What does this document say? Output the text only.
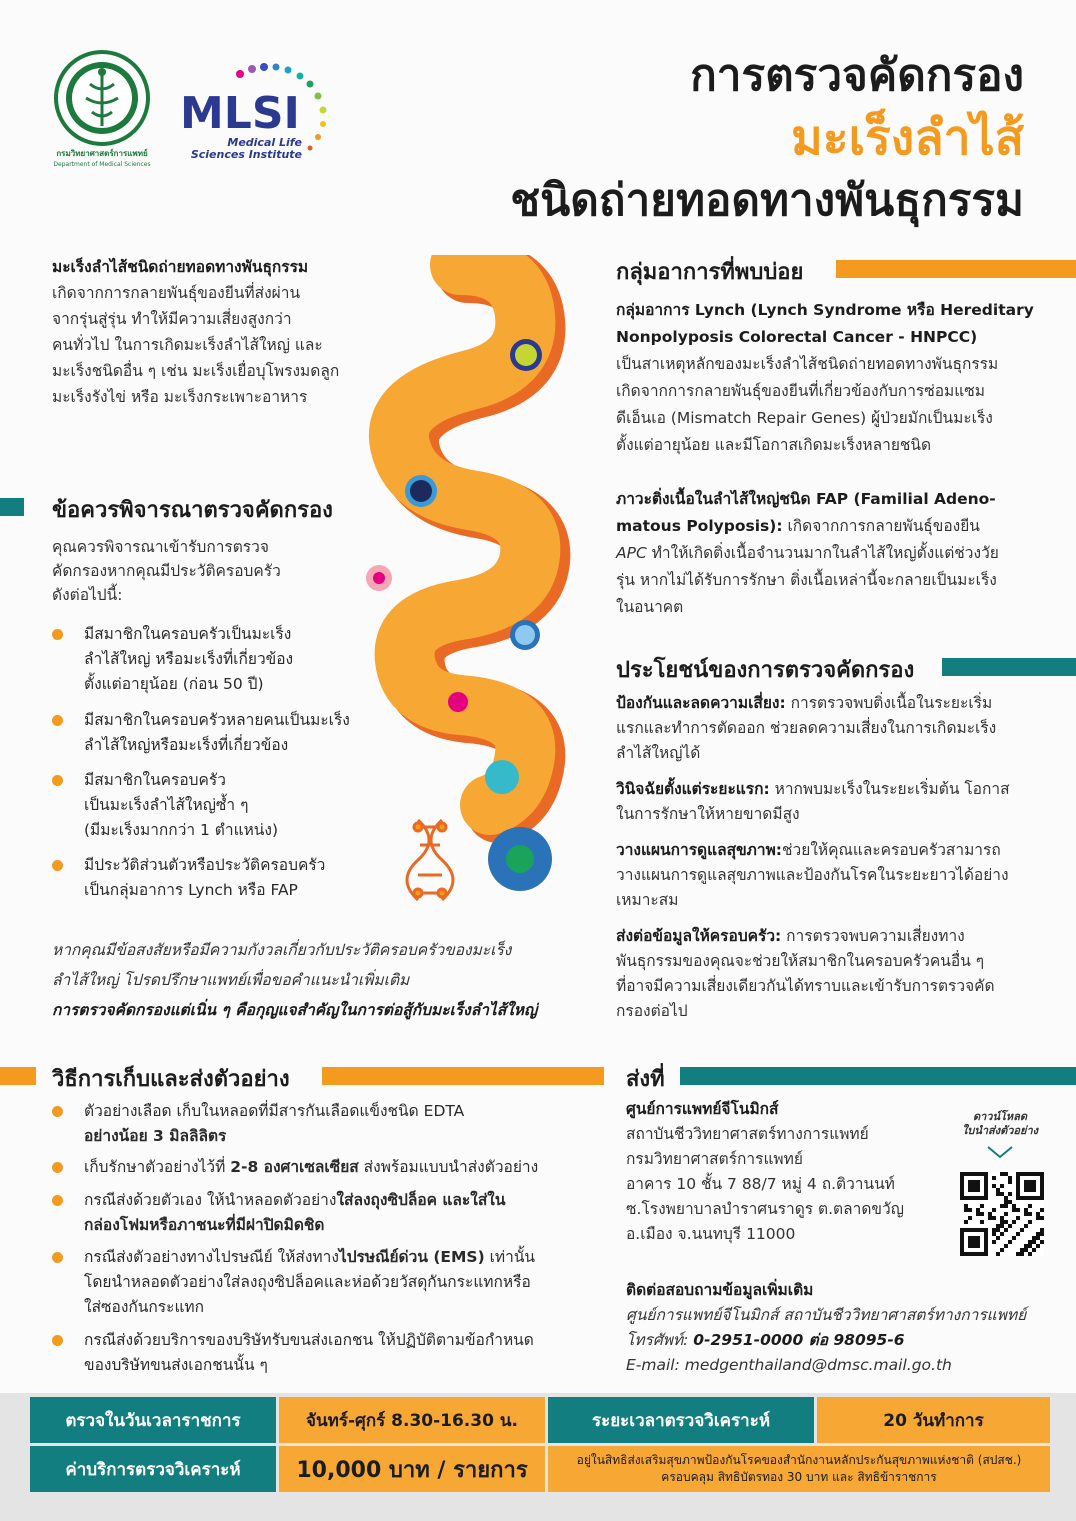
กรมวิทยาศาสตร์การแพทย์
Department of Medical Sciences
MLSI
Medical Life
Sciences Institute
การตรวจคัดกรอง
มะเร็งลำไส้
ชนิดถ่ายทอดทางพันธุกรรม
มะเร็งลำไส้ชนิดถ่ายทอดทางพันธุกรรม
เกิดจากการกลายพันธุ์ของยีนที่ส่งผ่าน
จากรุ่นสู่รุ่น ทำให้มีความเสี่ยงสูงกว่า
คนทั่วไป ในการเกิดมะเร็งลำไส้ใหญ่ และ
มะเร็งชนิดอื่น ๆ เช่น มะเร็งเยื่อบุโพรงมดลูก
มะเร็งรังไข่ หรือ มะเร็งกระเพาะอาหาร
ข้อควรพิจารณาตรวจคัดกรอง
คุณควรพิจารณาเข้ารับการตรวจ
คัดกรองหากคุณมีประวัติครอบครัว
ดังต่อไปนี้:
มีสมาชิกในครอบครัวเป็นมะเร็ง
ลำไส้ใหญ่ หรือมะเร็งที่เกี่ยวข้อง
ตั้งแต่อายุน้อย (ก่อน 50 ปี)
มีสมาชิกในครอบครัวหลายคนเป็นมะเร็ง
ลำไส้ใหญ่หรือมะเร็งที่เกี่ยวข้อง
มีสมาชิกในครอบครัว
เป็นมะเร็งลำไส้ใหญ่ซ้ำ ๆ
(มีมะเร็งมากกว่า 1 ตำแหน่ง)
มีประวัติส่วนตัวหรือประวัติครอบครัว
เป็นกลุ่มอาการ Lynch หรือ FAP
หากคุณมีข้อสงสัยหรือมีความกังวลเกี่ยวกับประวัติครอบครัวของมะเร็ง
ลำไส้ใหญ่ โปรดปรึกษาแพทย์เพื่อขอคำแนะนำเพิ่มเติม
การตรวจคัดกรองแต่เนิ่น ๆ คือกุญแจสำคัญในการต่อสู้กับมะเร็งลำไส้ใหญ่
กลุ่มอาการที่พบบ่อย
กลุ่มอาการ Lynch (Lynch Syndrome หรือ Hereditary
Nonpolyposis Colorectal Cancer - HNPCC)
เป็นสาเหตุหลักของมะเร็งลำไส้ชนิดถ่ายทอดทางพันธุกรรม
เกิดจากการกลายพันธุ์ของยีนที่เกี่ยวข้องกับการซ่อมแซม
ดีเอ็นเอ (Mismatch Repair Genes) ผู้ป่วยมักเป็นมะเร็ง
ตั้งแต่อายุน้อย และมีโอกาสเกิดมะเร็งหลายชนิด
ภาวะติ่งเนื้อในลำไส้ใหญ่ชนิด FAP (Familial Adeno-
matous Polyposis): เกิดจากการกลายพันธุ์ของยีน
APC ทำให้เกิดติ่งเนื้อจำนวนมากในลำไส้ใหญ่ตั้งแต่ช่วงวัย
รุ่น หากไม่ได้รับการรักษา ติ่งเนื้อเหล่านี้จะกลายเป็นมะเร็ง
ในอนาคต
ประโยชน์ของการตรวจคัดกรอง
ป้องกันและลดความเสี่ยง: การตรวจพบติ่งเนื้อในระยะเริ่ม
แรกและทำการตัดออก ช่วยลดความเสี่ยงในการเกิดมะเร็ง
ลำไส้ใหญ่ได้
วินิจฉัยตั้งแต่ระยะแรก: หากพบมะเร็งในระยะเริ่มต้น โอกาส
ในการรักษาให้หายขาดมีสูง
วางแผนการดูแลสุขภาพ:ช่วยให้คุณและครอบครัวสามารถ
วางแผนการดูแลสุขภาพและป้องกันโรคในระยะยาวได้อย่าง
เหมาะสม
ส่งต่อข้อมูลให้ครอบครัว: การตรวจพบความเสี่ยงทาง
พันธุกรรมของคุณจะช่วยให้สมาชิกในครอบครัวคนอื่น ๆ
ที่อาจมีความเสี่ยงเดียวกันได้ทราบและเข้ารับการตรวจคัด
กรองต่อไป
วิธีการเก็บและส่งตัวอย่าง
ตัวอย่างเลือด เก็บในหลอดที่มีสารกันเลือดแข็งชนิด EDTA
อย่างน้อย 3 มิลลิลิตร
เก็บรักษาตัวอย่างไว้ที่ 2-8 องศาเซลเซียส ส่งพร้อมแบบนำส่งตัวอย่าง
กรณีส่งด้วยตัวเอง ให้นำหลอดตัวอย่างใส่ลงถุงซิปล็อค และใส่ใน
กล่องโฟมหรือภาชนะที่มีฝาปิดมิดชิด
กรณีส่งตัวอย่างทางไปรษณีย์ ให้ส่งทางไปรษณีย์ด่วน (EMS) เท่านั้น
โดยนำหลอดตัวอย่างใส่ลงถุงซิปล็อคและห่อด้วยวัสดุกันกระแทกหรือ
ใส่ซองกันกระแทก
กรณีส่งด้วยบริการของบริษัทรับขนส่งเอกชน ให้ปฏิบัติตามข้อกำหนด
ของบริษัทขนส่งเอกชนนั้น ๆ
ส่งที่
ศูนย์การแพทย์จีโนมิกส์
สถาบันชีววิทยาศาสตร์ทางการแพทย์
กรมวิทยาศาสตร์การแพทย์
อาคาร 10 ชั้น 7 88/7 หมู่ 4 ถ.ติวานนท์
ซ.โรงพยาบาลบำราศนราดูร ต.ตลาดขวัญ
อ.เมือง จ.นนทบุรี 11000
ดาวน์โหลด
ใบนำส่งตัวอย่าง
ติดต่อสอบถามข้อมูลเพิ่มเติม
ศูนย์การแพทย์จีโนมิกส์ สถาบันชีววิทยาศาสตร์ทางการแพทย์
โทรศัพท์: 0-2951-0000 ต่อ 98095-6
E-mail: medgenthailand@dmsc.mail.go.th
ตรวจในวันเวลาราชการ	จันทร์-ศุกร์ 8.30-16.30 น.	ระยะเวลาตรวจวิเคราะห์	20 วันทำการ
ค่าบริการตรวจวิเคราะห์	10,000 บาท / รายการ	อยู่ในสิทธิส่งเสริมสุขภาพป้องกันโรคของสำนักงานหลักประกันสุขภาพแห่งชาติ (สปสช.)
ครอบคลุม สิทธิบัตรทอง 30 บาท และ สิทธิข้าราชการ
